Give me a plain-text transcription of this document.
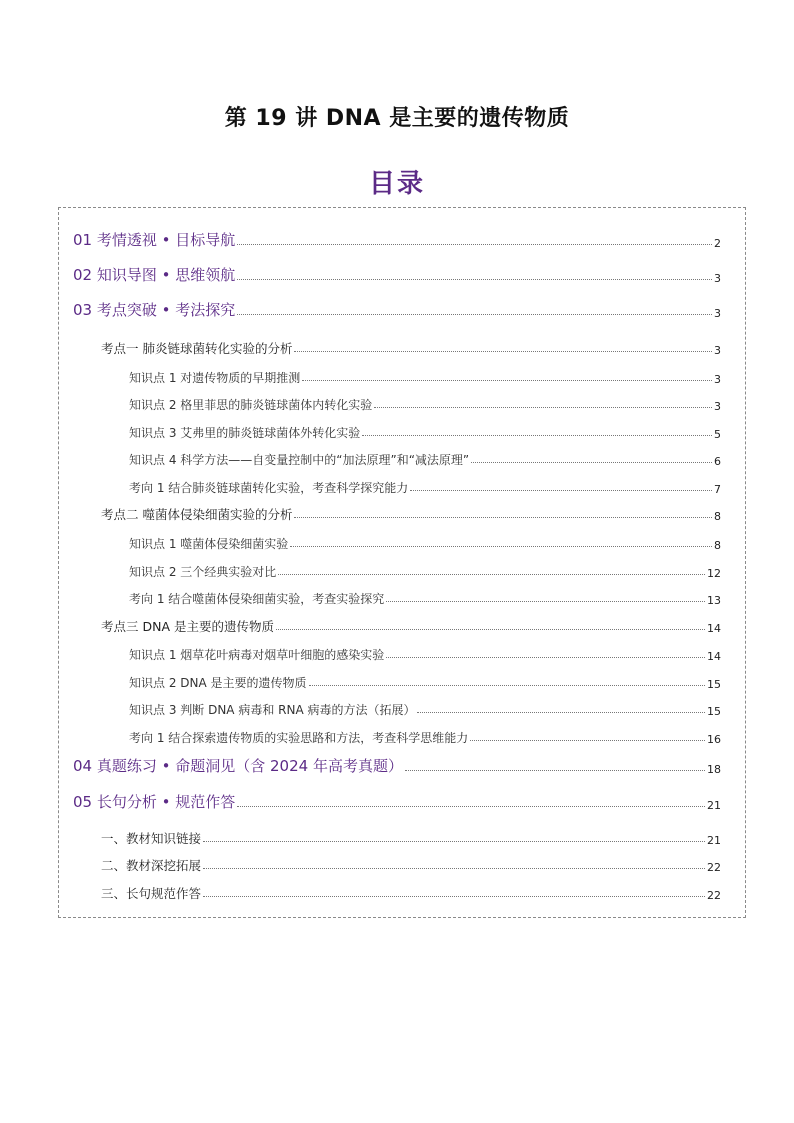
第 19 讲 DNA 是主要的遗传物质
目录
01 考情透视 • 目标导航	2
02 知识导图 • 思维领航	3
03 考点突破 • 考法探究	3
考点一 肺炎链球菌转化实验的分析	3
知识点 1 对遗传物质的早期推测	3
知识点 2 格里菲思的肺炎链球菌体内转化实验	3
知识点 3 艾弗里的肺炎链球菌体外转化实验	5
知识点 4 科学方法——自变量控制中的“加法原理”和“减法原理”	6
考向 1 结合肺炎链球菌转化实验，考查科学探究能力	7
考点二 噬菌体侵染细菌实验的分析	8
知识点 1 噬菌体侵染细菌实验	8
知识点 2 三个经典实验对比	12
考向 1 结合噬菌体侵染细菌实验，考查实验探究	13
考点三 DNA 是主要的遗传物质	14
知识点 1 烟草花叶病毒对烟草叶细胞的感染实验	14
知识点 2 DNA 是主要的遗传物质	15
知识点 3 判断 DNA 病毒和 RNA 病毒的方法（拓展）	15
考向 1 结合探索遗传物质的实验思路和方法，考查科学思维能力	16
04 真题练习 • 命题洞见（含 2024 年高考真题）	18
05 长句分析 • 规范作答	21
一、教材知识链接	21
二、教材深挖拓展	22
三、长句规范作答	22
